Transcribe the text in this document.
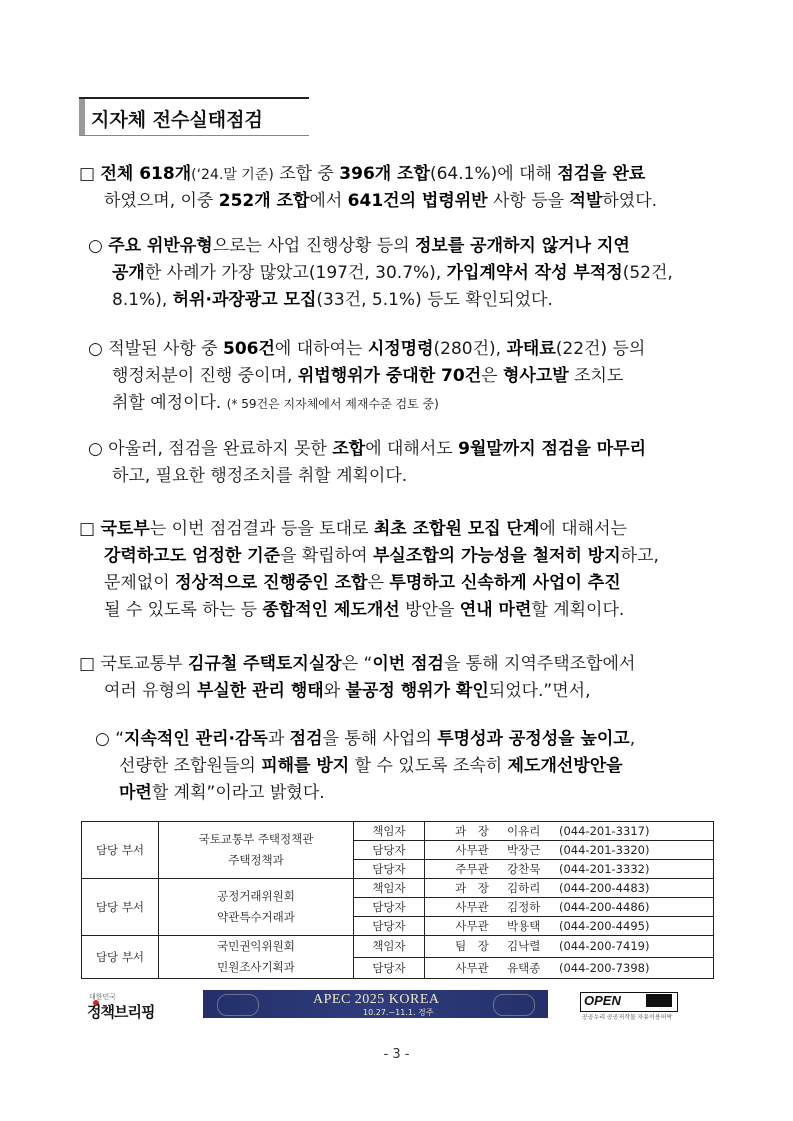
지자체 전수실태점검
□ 전체 618개(‘24.말 기준) 조합 중 396개 조합(64.1%)에 대해 점검을 완료
하였으며, 이중 252개 조합에서 641건의 법령위반 사항 등을 적발하였다.
○ 주요 위반유형으로는 사업 진행상황 등의 정보를 공개하지 않거나 지연
공개한 사례가 가장 많았고(197건, 30.7%), 가입계약서 작성 부적정(52건,
8.1%), 허위·과장광고 모집(33건, 5.1%) 등도 확인되었다.
○ 적발된 사항 중 506건에 대하여는 시정명령(280건), 과태료(22건) 등의
행정처분이 진행 중이며, 위법행위가 중대한 70건은 형사고발 조치도
취할 예정이다. (* 59건은 지자체에서 제재수준 검토 중)
○ 아울러, 점검을 완료하지 못한 조합에 대해서도 9월말까지 점검을 마무리
하고, 필요한 행정조치를 취할 계획이다.
□ 국토부는 이번 점검결과 등을 토대로 최초 조합원 모집 단계에 대해서는
강력하고도 엄정한 기준을 확립하여 부실조합의 가능성을 철저히 방지하고,
문제없이 정상적으로 진행중인 조합은 투명하고 신속하게 사업이 추진
될 수 있도록 하는 등 종합적인 제도개선 방안을 연내 마련할 계획이다.
□ 국토교통부 김규철 주택토지실장은 “이번 점검을 통해 지역주택조합에서
여러 유형의 부실한 관리 행태와 불공정 행위가 확인되었다.”면서,
○ “지속적인 관리·감독과 점검을 통해 사업의 투명성과 공정성을 높이고,
선량한 조합원들의 피해를 방지 할 수 있도록 조속히 제도개선방안을
마련할 계획”이라고 밝혔다.
담당 부서	국토교통부 주택정책관
주택정책과	책임자	과　장 이유리 (044-201-3317)
		담당자	사무관 박장근 (044-201-3320)
		담당자	주무관 강찬묵 (044-201-3332)
담당 부서	공정거래위원회
약관특수거래과	책임자	과　장 김하리 (044-200-4483)
		담당자	사무관 김정하 (044-200-4486)
		담당자	사무관 박용택 (044-200-4495)
담당 부서	국민권익위원회
민원조사기획과	책임자	팀　장 김낙렬 (044-200-7419)
		담당자	사무관 유택종 (044-200-7398)
대한민국
정책브리핑
APEC 2025 KOREA
10.27.~11.1. 경주
OPEN
공공누리 공공저작물 자유이용허락
- 3 -
